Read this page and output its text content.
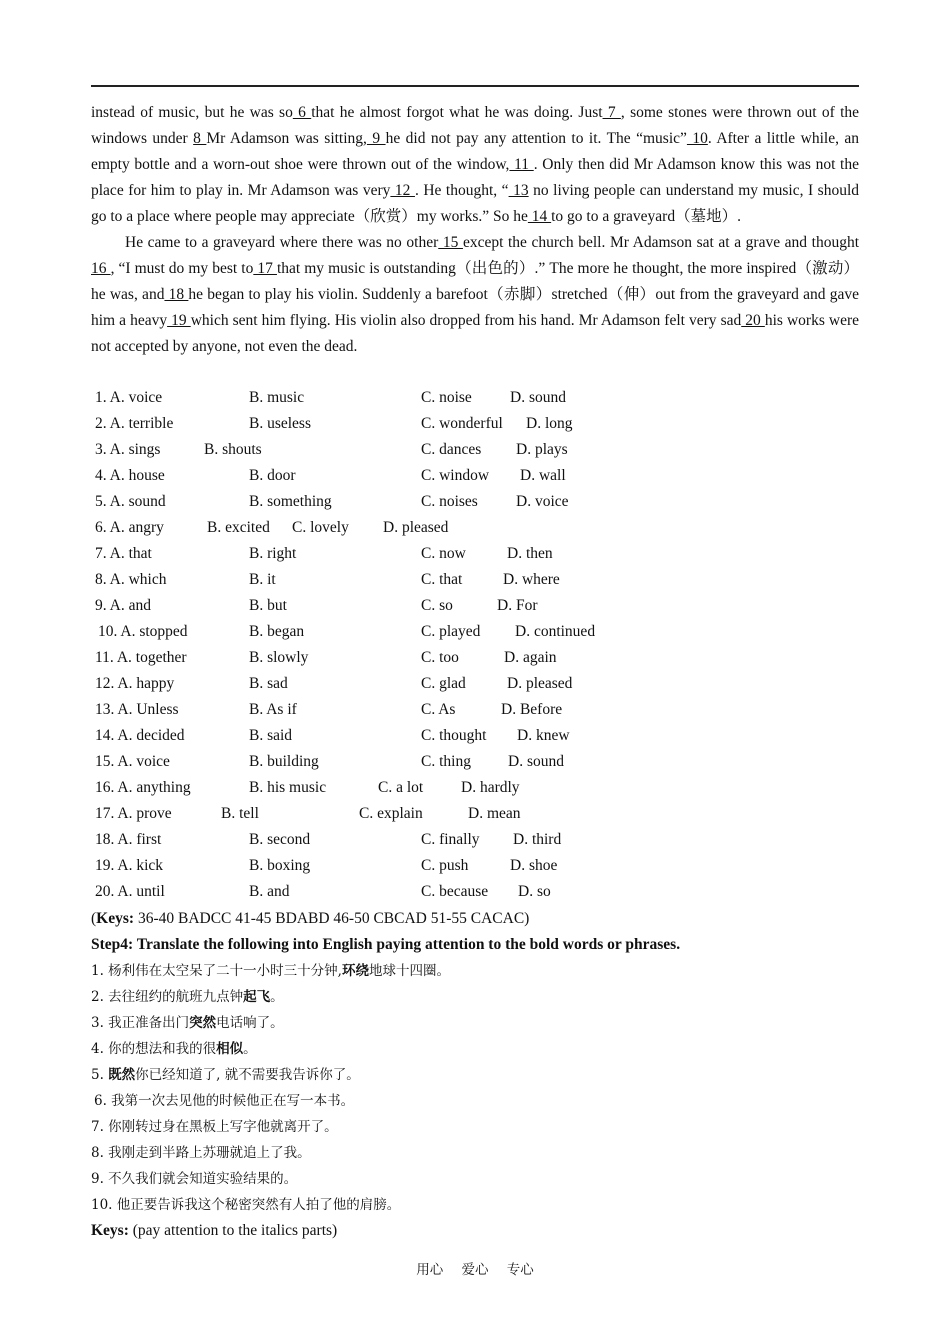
instead of music, but he was so 6 that he almost forgot what he was doing. Just 7 , some stones were thrown out of the windows under 8 Mr Adamson was sitting, 9 he did not pay any attention to it. The “music” 10. After a little while, an empty bottle and a worn-out shoe were thrown out of the window, 11 . Only then did Mr Adamson know this was not the place for him to play in. Mr Adamson was very 12 . He thought, “ 13 no living people can understand my music, I should go to a place where people may appreciate（欣赏）my works.” So he 14 to go to a graveyard（墓地）.

He came to a graveyard where there was no other 15 except the church bell. Mr Adamson sat at a grave and thought 16 , “I must do my best to 17 that my music is outstanding（出色的）.” The more he thought, the more inspired（激动）he was, and 18 he began to play his violin. Suddenly a barefoot（赤脚）stretched（伸）out from the graveyard and gave him a heavy 19 which sent him flying. His violin also dropped from his hand. Mr Adamson felt very sad 20 his works were not accepted by anyone, not even the dead.

1. A. voice	B. music	C. noise D. sound
2. A. terrible	B. useless	C. wonderful D. long
3. A. sings	B. shouts	C. dances D. plays
4. A. house	B. door	C. window D. wall
5. A. sound	B. something	C. noises D. voice
6. A. angry	B. excited C. lovely D. pleased
7. A. that	B. right	C. now	D. then
8. A. which	B. it	C. that	D. where
9. A. and	B. but	C. so	D. For
10. A. stopped	B. began	C. played D. continued
11. A. together	B. slowly	C. too	D. again
12. A. happy	B. sad	C. glad	D. pleased
13. A. Unless	B. As if	C. As	D. Before
14. A. decided	B. said	C. thought D. knew
15. A. voice	B. building	C. thing D. sound
16. A. anything	B. his music	C. a lot D. hardly
17. A. prove	B. tell	C. explain	D. mean
18. A. first	B. second	C. finally D. third
19. A. kick	B. boxing	C. push	D. shoe
20. A. until	B. and	C. because D. so
(Keys: 36-40 BADCC 41-45 BDABD 46-50 CBCAD 51-55 CACAC)
Step4: Translate the following into English paying attention to the bold words or phrases.
1. 杨利伟在太空呆了二十一小时三十分钟,环绕地球十四圈。
2. 去往纽约的航班九点钟起飞。
3. 我正准备出门突然电话响了。
4. 你的想法和我的很相似。
5. 既然你已经知道了, 就不需要我告诉你了。
6. 我第一次去见他的时候他正在写一本书。
7. 你刚转过身在黑板上写字他就离开了。
8. 我刚走到半路上苏珊就追上了我。
9. 不久我们就会知道实验结果的。
10. 他正要告诉我这个秘密突然有人拍了他的肩膀。
Keys: (pay attention to the italics parts)
用心 爱心 专心
